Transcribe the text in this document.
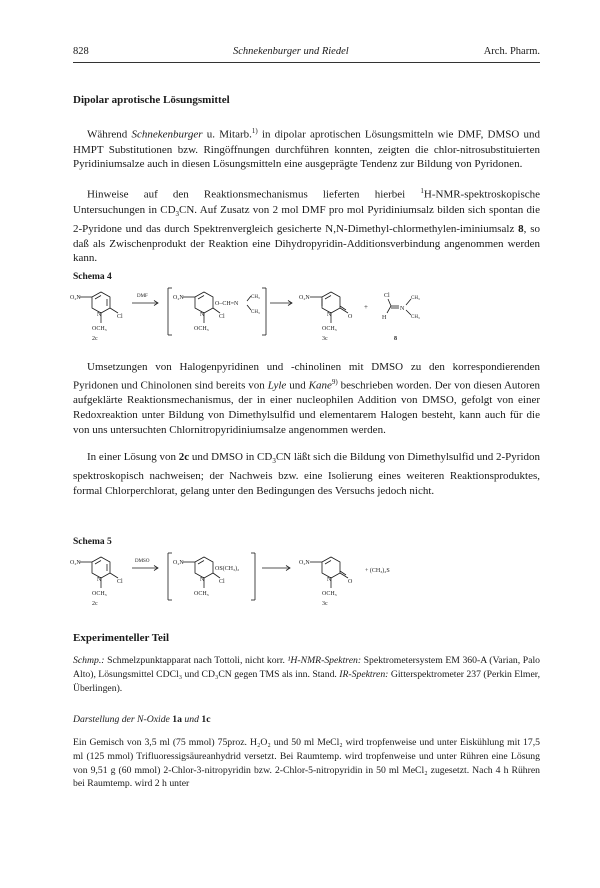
828	Schnekenburger und Riedel	Arch. Pharm.
Dipolar aprotische Lösungsmittel

Während Schnekenburger u. Mitarb.$^{1)}$ in dipolar aprotischen Lösungsmitteln wie DMF, DMSO und HMPT Substitutionen bzw. Ringöffnungen durchführen konnten, zeigten die chlor-nitrosubstituierten Pyridiniumsalze auch in diesen Lösungsmitteln eine ausgeprägte Tendenz zur Bildung von Pyridonen.

Hinweise auf den Reaktionsmechanismus lieferten hierbei $^1$H-NMR-spektroskopische Untersuchungen in $CD_3CN$. Auf Zusatz von 2 mol DMF pro mol Pyridiniumsalz bilden sich spontan die 2-Pyridone und das durch Spektrenvergleich gesicherte N,N-Dimethyl-chlormethylen-iminiumsalz 8, so daß als Zwischenprodukt der Reaktion eine Dihydropyridin-Additionsverbindung angenommen werden kann.

Schema 4
O₂N
N	Cl
OCH₃
2c
DMF	O₂N
O–CH=N
CH₃
CH₃
N Cl
OCH₃
O₂N
N	O
OCH₃
3c
+
Cl
H
N
CH₃
CH₃
8

Umsetzungen von Halogenpyridinen und -chinolinen mit DMSO zu den korrespondierenden Pyridonen und Chinolonen sind bereits von Lyle und Kane$^{9)}$ beschrieben worden. Der von diesen Autoren aufgeklärte Reaktionsmechanismus, der in einer nucleophilen Addition von DMSO, gefolgt von einer Redoxreaktion unter Bildung von Dimethylsulfid und elementarem Halogen besteht, kann auch für die von uns untersuchten Chlornitropyridiniumsalze angenommen werden.

In einer Lösung von 2c und DMSO in $CD_3CN$ läßt sich die Bildung von Dimethylsulfid und 2-Pyridon spektroskopisch nachweisen; der Nachweis bzw. eine Isolierung eines weiteren Reaktionsproduktes, formal Chlorperchlorat, gelang unter den Bedingungen des Versuchs jedoch nicht.

Schema 5
O₂N
N	Cl
OCH₃
2c
DMSO	O₂N
OS(CH₃)₂
N Cl
OCH₃
O₂N
N	O
OCH₃
3c
+ (CH₃)₂S
Experimenteller Teil

Schmp.: Schmelzpunktapparat nach Tottoli, nicht korr. ¹H-NMR-Spektren: Spektrometersystem EM 360-A (Varian, Palo Alto), Lösungsmittel CDCl₃ und CD₃CN gegen TMS als inn. Stand. IR-Spektren: Gitterspektrometer 237 (Perkin Elmer, Überlingen).

Darstellung der N-Oxide 1a und 1c

Ein Gemisch von 3,5 ml (75 mmol) 75proz. H₂O₂ und 50 ml MeCl₂ wird tropfenweise und unter Eiskühlung mit 17,5 ml (125 mmol) Trifluoressigsäureanhydrid versetzt. Bei Raumtemp. wird tropfenweise und unter Rühren eine Lösung von 9,51 g (60 mmol) 2-Chlor-3-nitropyridin bzw. 2-Chlor-5-nitropyridin in 50 ml MeCl₂ zugesetzt. Nach 4 h Rühren bei Raumtemp. wird 2 h unter
